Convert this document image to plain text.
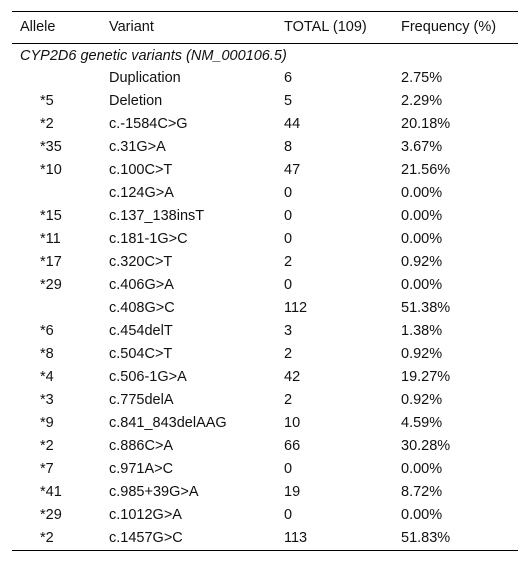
Allele	Variant	TOTAL (109)	Frequency (%)
CYP2D6 genetic variants (NM_000106.5)			
	Duplication	6	2.75%
*5	Deletion	5	2.29%
*2	c.-1584C>G	44	20.18%
*35	c.31G>A	8	3.67%
*10	c.100C>T	47	21.56%
	c.124G>A	0	0.00%
*15	c.137_138insT	0	0.00%
*11	c.181-1G>C	0	0.00%
*17	c.320C>T	2	0.92%
*29	c.406G>A	0	0.00%
	c.408G>C	112	51.38%
*6	c.454delT	3	1.38%
*8	c.504C>T	2	0.92%
*4	c.506-1G>A	42	19.27%
*3	c.775delA	2	0.92%
*9	c.841_843delAAG	10	4.59%
*2	c.886C>A	66	30.28%
*7	c.971A>C	0	0.00%
*41	c.985+39G>A	19	8.72%
*29	c.1012G>A	0	0.00%
*2	c.1457G>C	113	51.83%
